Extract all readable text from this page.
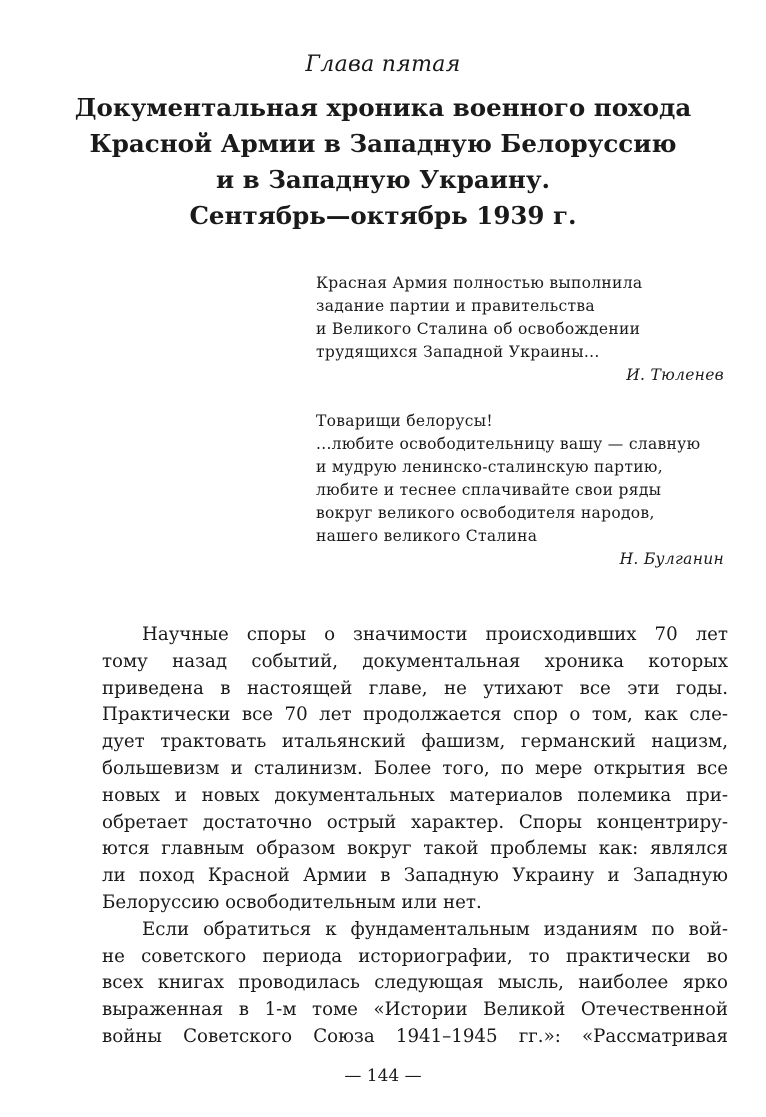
Глава пятая
Документальная хроника военного похода
Красной Армии в Западную Белоруссию
и в Западную Украину.
Сентябрь—октябрь 1939 г.
Красная Армия полностью выполнила
задание партии и правительства
и Великого Сталина об освобождении
трудящихся Западной Украины...
И. Тюленев
Товарищи белорусы!
...любите освободительницу вашу — славную
и мудрую ленинско-сталинскую партию,
любите и теснее сплачивайте свои ряды
вокруг великого освободителя народов,
нашего великого Сталина
Н. Булганин

Научные споры о значимости происходивших 70 лет
тому назад событий, документальная хроника которых
приведена в настоящей главе, не утихают все эти годы.
Практически все 70 лет продолжается спор о том, как сле-
дует трактовать итальянский фашизм, германский нацизм,
большевизм и сталинизм. Более того, по мере открытия все
новых и новых документальных материалов полемика при-
обретает достаточно острый характер. Споры концентриру-
ются главным образом вокруг такой проблемы как: являлся
ли поход Красной Армии в Западную Украину и Западную
Белоруссию освободительным или нет.

Если обратиться к фундаментальным изданиям по вой-
не советского периода историографии, то практически во
всех книгах проводилась следующая мысль, наиболее ярко
выраженная в 1-м томе «Истории Великой Отечественной
войны Советского Союза 1941–1945 гг.»: «Рассматривая

— 144 —
